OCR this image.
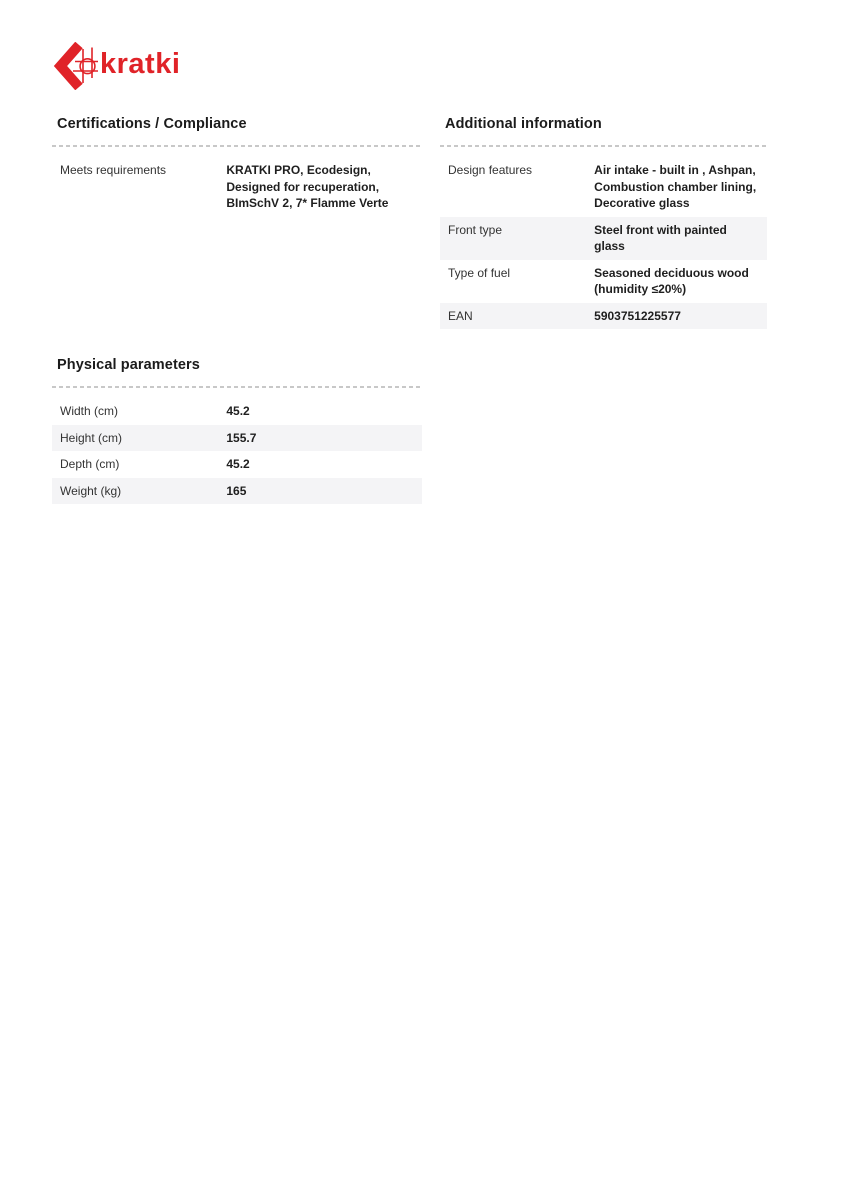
kratki
Certifications / Compliance
Meets requirements	KRATKI PRO, Ecodesign, Designed for recuperation, BImSchV 2, 7* Flamme Verte
Additional information
Design features	Air intake - built in , Ashpan, Combustion chamber lining, Decorative glass
Front type	Steel front with painted glass
Type of fuel	Seasoned deciduous wood (humidity ≤20%)
EAN	5903751225577
Physical parameters
Width (cm)	45.2
Height (cm)	155.7
Depth (cm)	45.2
Weight (kg)	165
